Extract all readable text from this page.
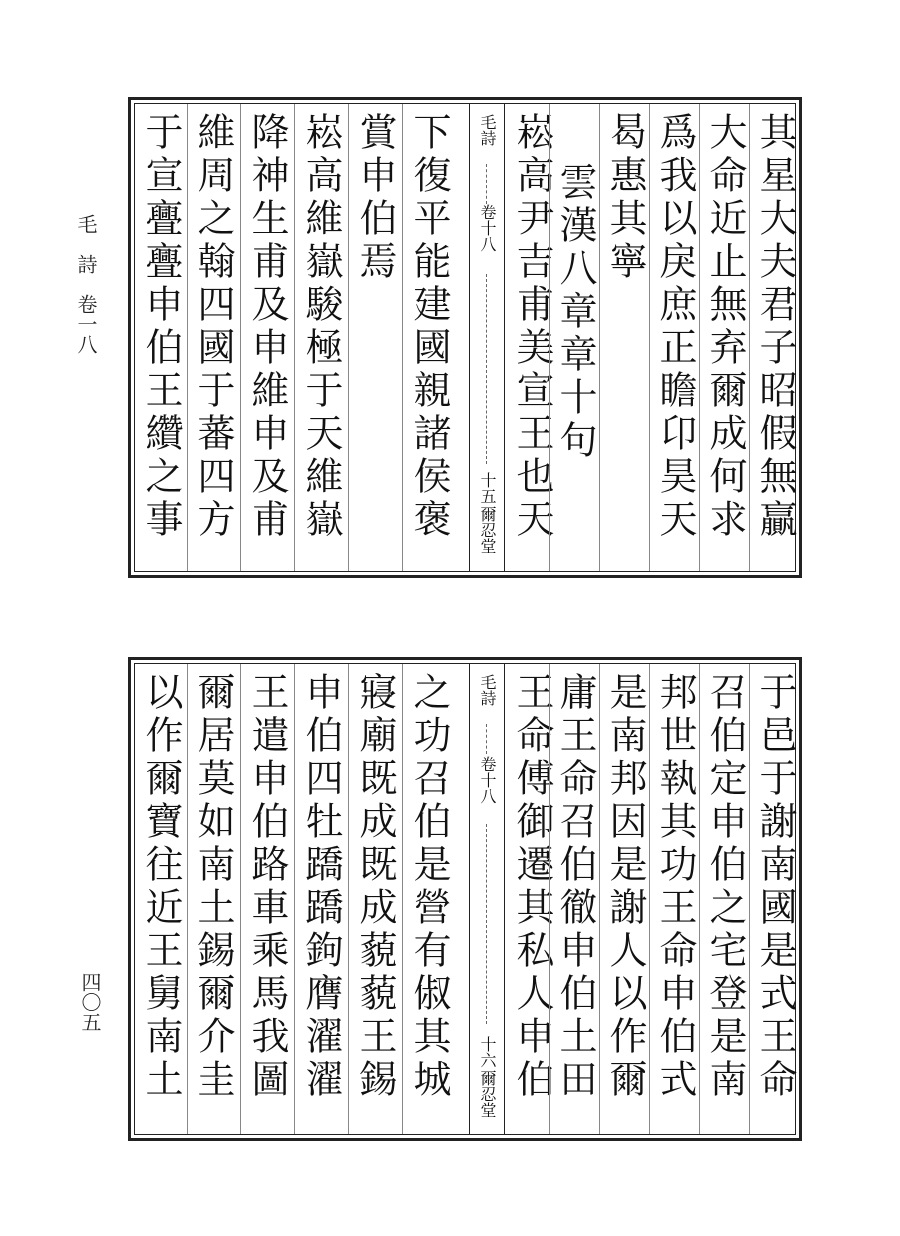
毛　詩　卷一八
四〇五
其星大夫君子昭假無贏
大命近止無弃爾成何求
爲我以戾庶正瞻卬昊天
曷惠其寧
雲漢八章章十句
崧高尹吉甫美宣王也天
毛詩
卷十八
十五
爾忍堂
下復平能建國親諸侯褒
賞申伯焉
崧高維嶽駿極于天維嶽
降神生甫及申維申及甫
維周之翰四國于蕃四方
于宣亹亹申伯王纘之事
于邑于謝南國是式王命
召伯定申伯之宅登是南
邦世執其功王命申伯式
是南邦因是謝人以作爾
庸王命召伯徹申伯土田
王命傅御遷其私人申伯
毛詩
卷十八
十六
爾忍堂
之功召伯是營有俶其城
寢廟既成既成藐藐王錫
申伯四牡蹻蹻鉤膺濯濯
王遣申伯路車乘馬我圖
爾居莫如南土錫爾介圭
以作爾寶往近王舅南土
